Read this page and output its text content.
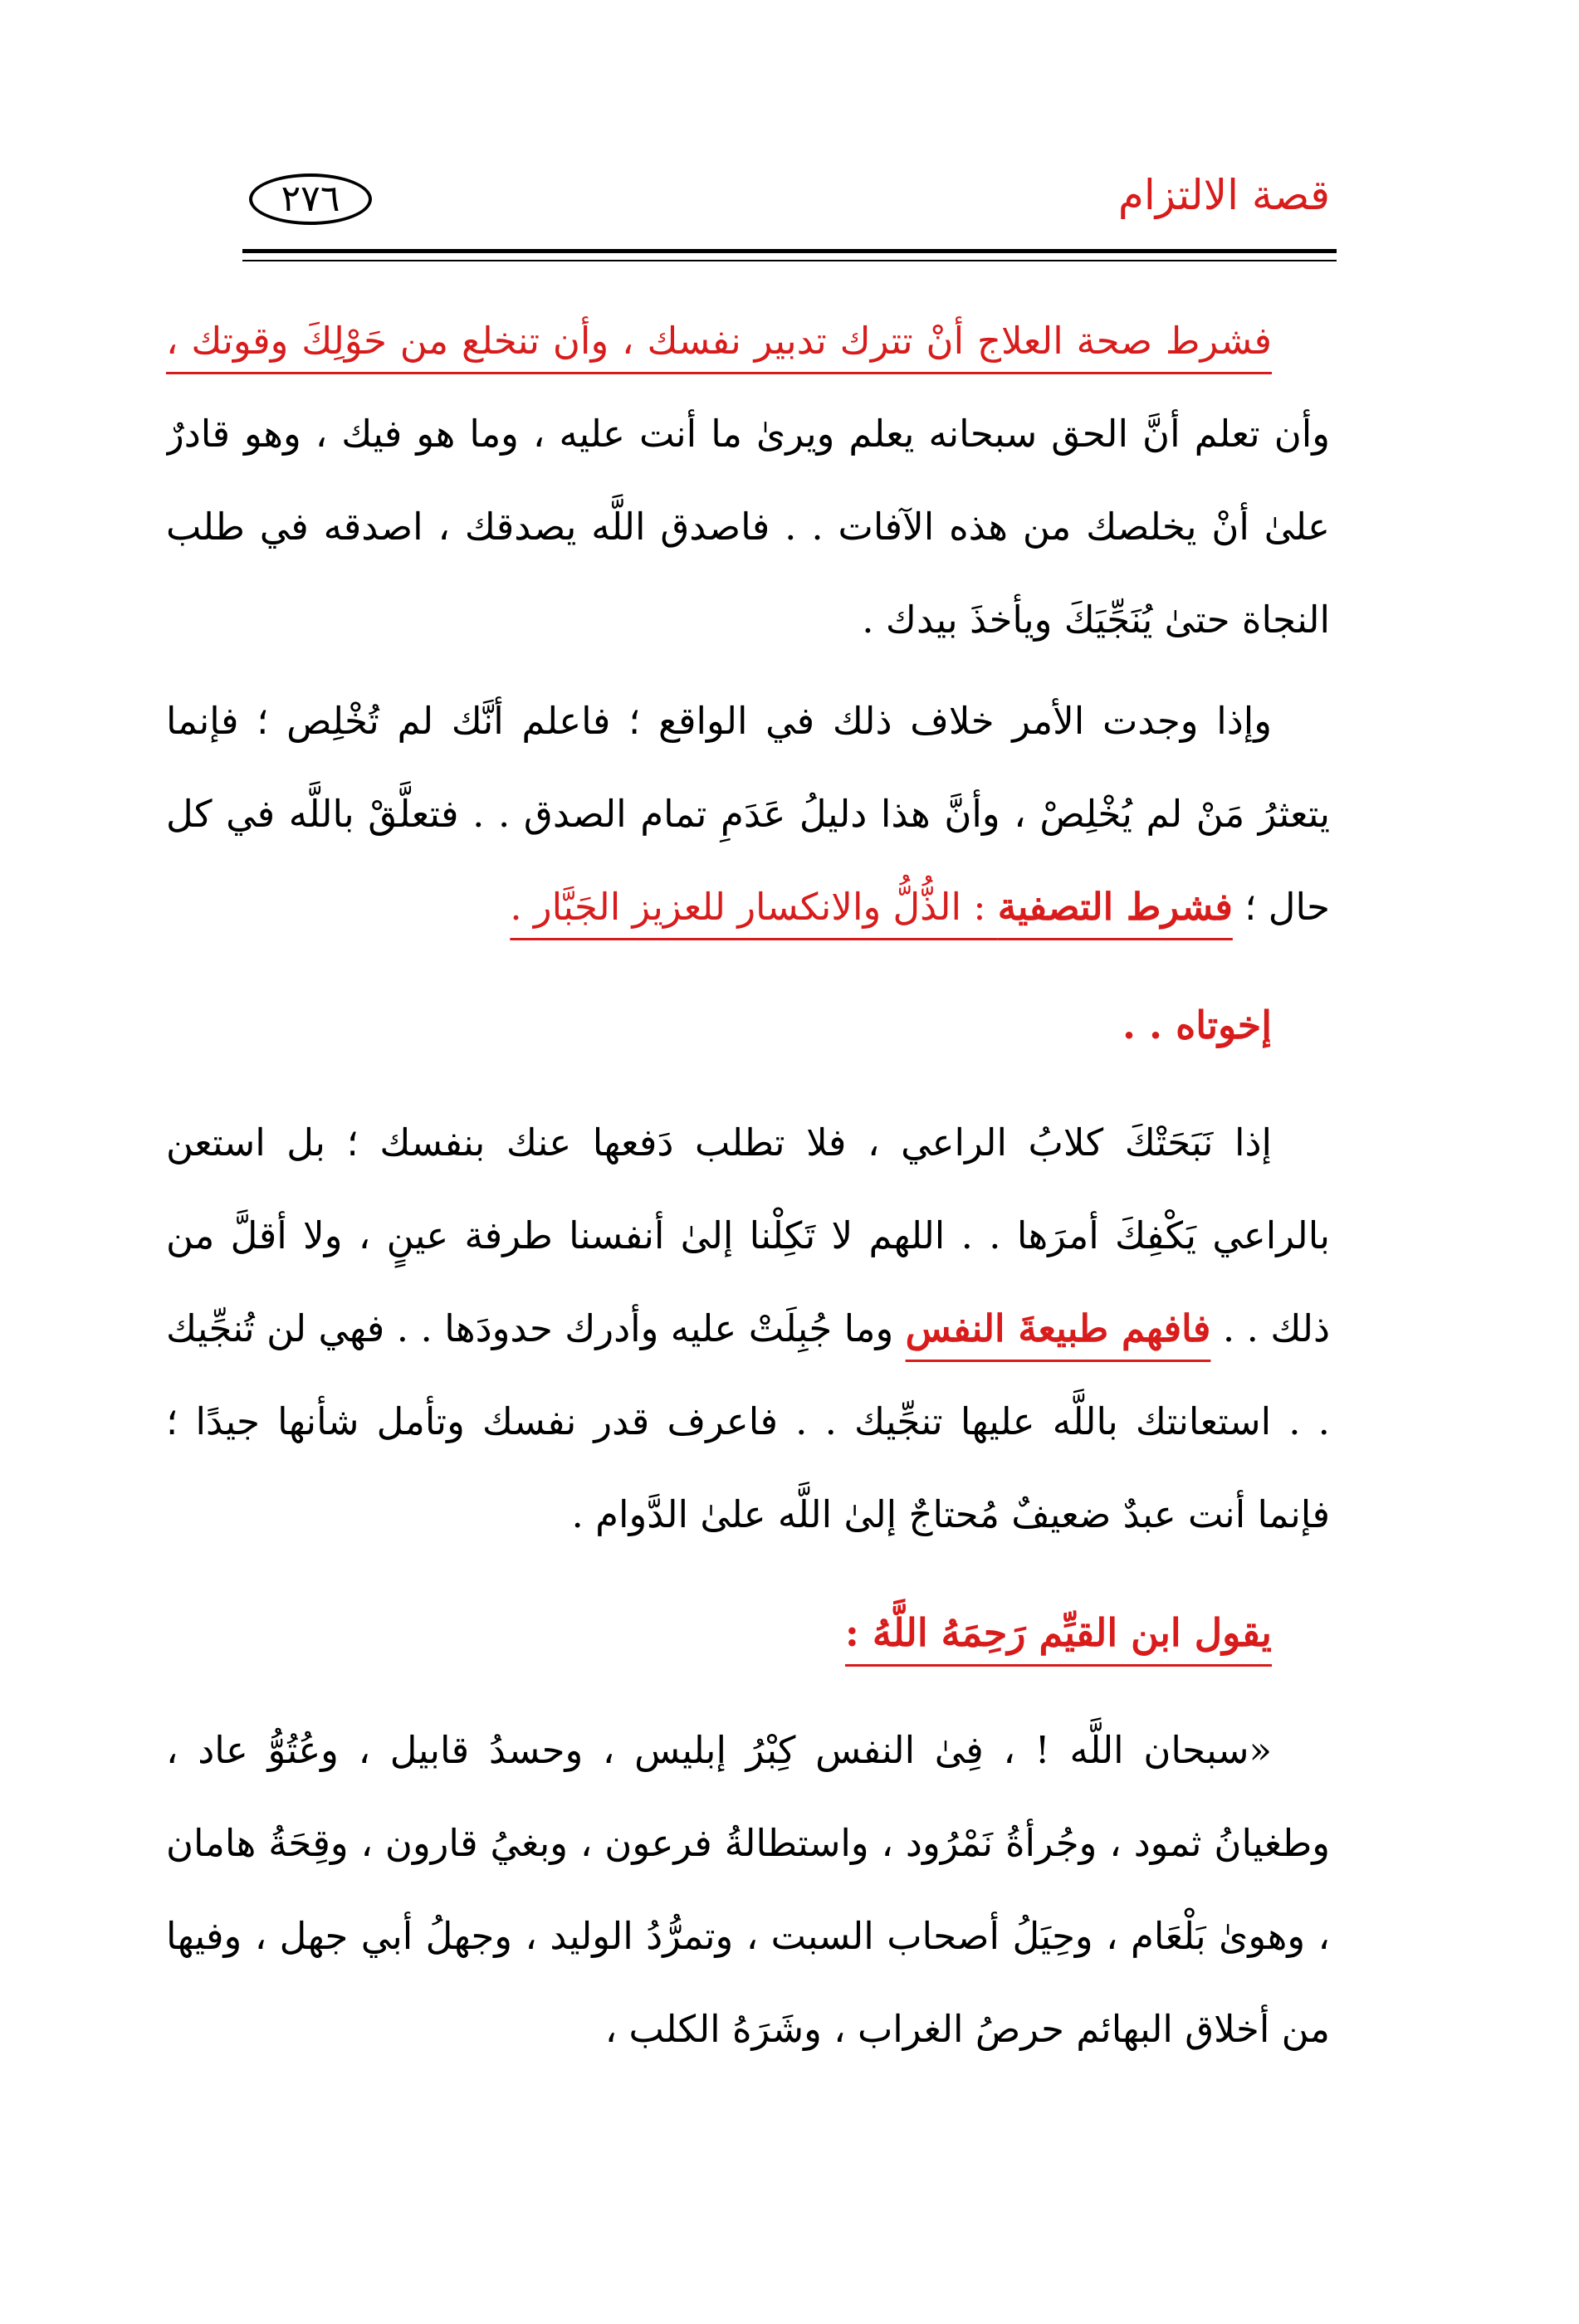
قصة الالتزام
٢٧٦

فشرط صحة العلاج أنْ تترك تدبير نفسك ، وأن تنخلع من حَوْلِكَ وقوتك ، وأن تعلم أنَّ الحق سبحانه يعلم ويرىٰ ما أنت عليه ، وما هو فيك ، وهو قادرٌ علىٰ أنْ يخلصك من هذه الآفات . . فاصدق اللَّه يصدقك ، اصدقه في طلب النجاة حتىٰ يُنَجِّيَكَ ويأخذَ بيدك .

وإذا وجدت الأمر خلاف ذلك في الواقع ؛ فاعلم أنَّك لم تُخْلِص ؛ فإنما يتعثرُ مَنْ لم يُخْلِصْ ، وأنَّ هذا دليلُ عَدَمِ تمام الصدق . . فتعلَّقْ باللَّه في كل حال ؛ فشرط التصفية : الذُّلُّ والانكسار للعزيز الجَبَّار .

إخوتاه . .

إذا نَبَحَتْكَ كلابُ الراعي ، فلا تطلب دَفعها عنك بنفسك ؛ بل استعن بالراعي يَكْفِكَ أمرَها . . اللهم لا تَكِلْنا إلىٰ أنفسنا طرفة عينٍ ، ولا أقلَّ من ذلك . . فافهم طبيعةَ النفس وما جُبِلَتْ عليه وأدرك حدودَها . . فهي لن تُنجِّيك . . استعانتك باللَّه عليها تنجِّيك . . فاعرف قدر نفسك وتأمل شأنها جيدًا ؛ فإنما أنت عبدٌ ضعيفٌ مُحتاجٌ إلىٰ اللَّه علىٰ الدَّوام .

يقول ابن القيِّم رَحِمَهُ اللَّهُ :

«سبحان اللَّه ! ، فِىٰ النفس كِبْرُ إبليس ، وحسدُ قابيل ، وعُتُوُّ عاد ، وطغيانُ ثمود ، وجُرأةُ نَمْرُود ، واستطالةُ فرعون ، وبغيُ قارون ، وقِحَةُ هامان ، وهوىٰ بَلْعَام ، وحِيَلُ أصحاب السبت ، وتمرُّدُ الوليد ، وجهلُ أبي جهل ، وفيها من أخلاق البهائم حرصُ الغراب ، وشَرَهُ الكلب ،
